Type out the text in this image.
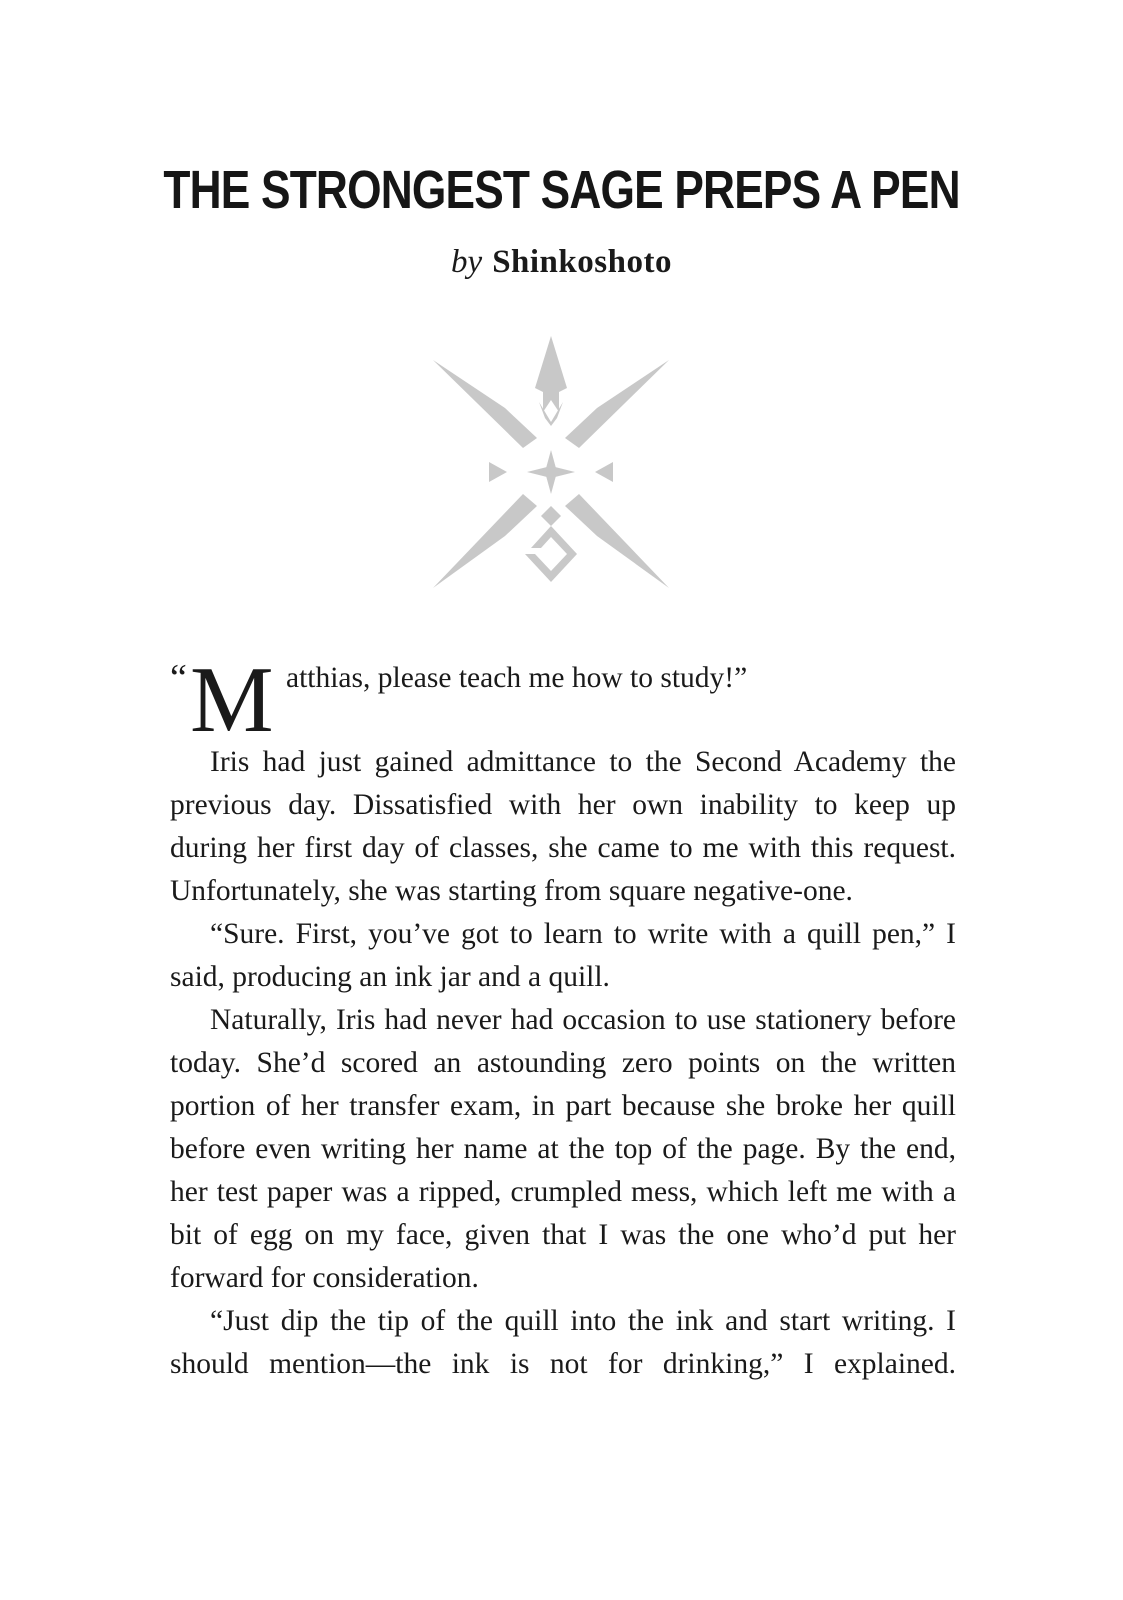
THE STRONGEST SAGE PREPS A PEN
by Shinkoshoto
“ M atthias, please teach me how to study!”

Iris had just gained admittance to the Second Academy the previous day. Dissatisfied with her own inability to keep up during her first day of classes, she came to me with this request. Unfortunately, she was starting from square negative-one.

“Sure. First, you’ve got to learn to write with a quill pen,” I said, producing an ink jar and a quill.

Naturally, Iris had never had occasion to use stationery before today. She’d scored an astounding zero points on the written portion of her transfer exam, in part because she broke her quill before even writing her name at the top of the page. By the end, her test paper was a ripped, crumpled mess, which left me with a bit of egg on my face, given that I was the one who’d put her forward for consideration.

“Just dip the tip of the quill into the ink and start writing. I should mention—the ink is not for drinking,” I explained.
